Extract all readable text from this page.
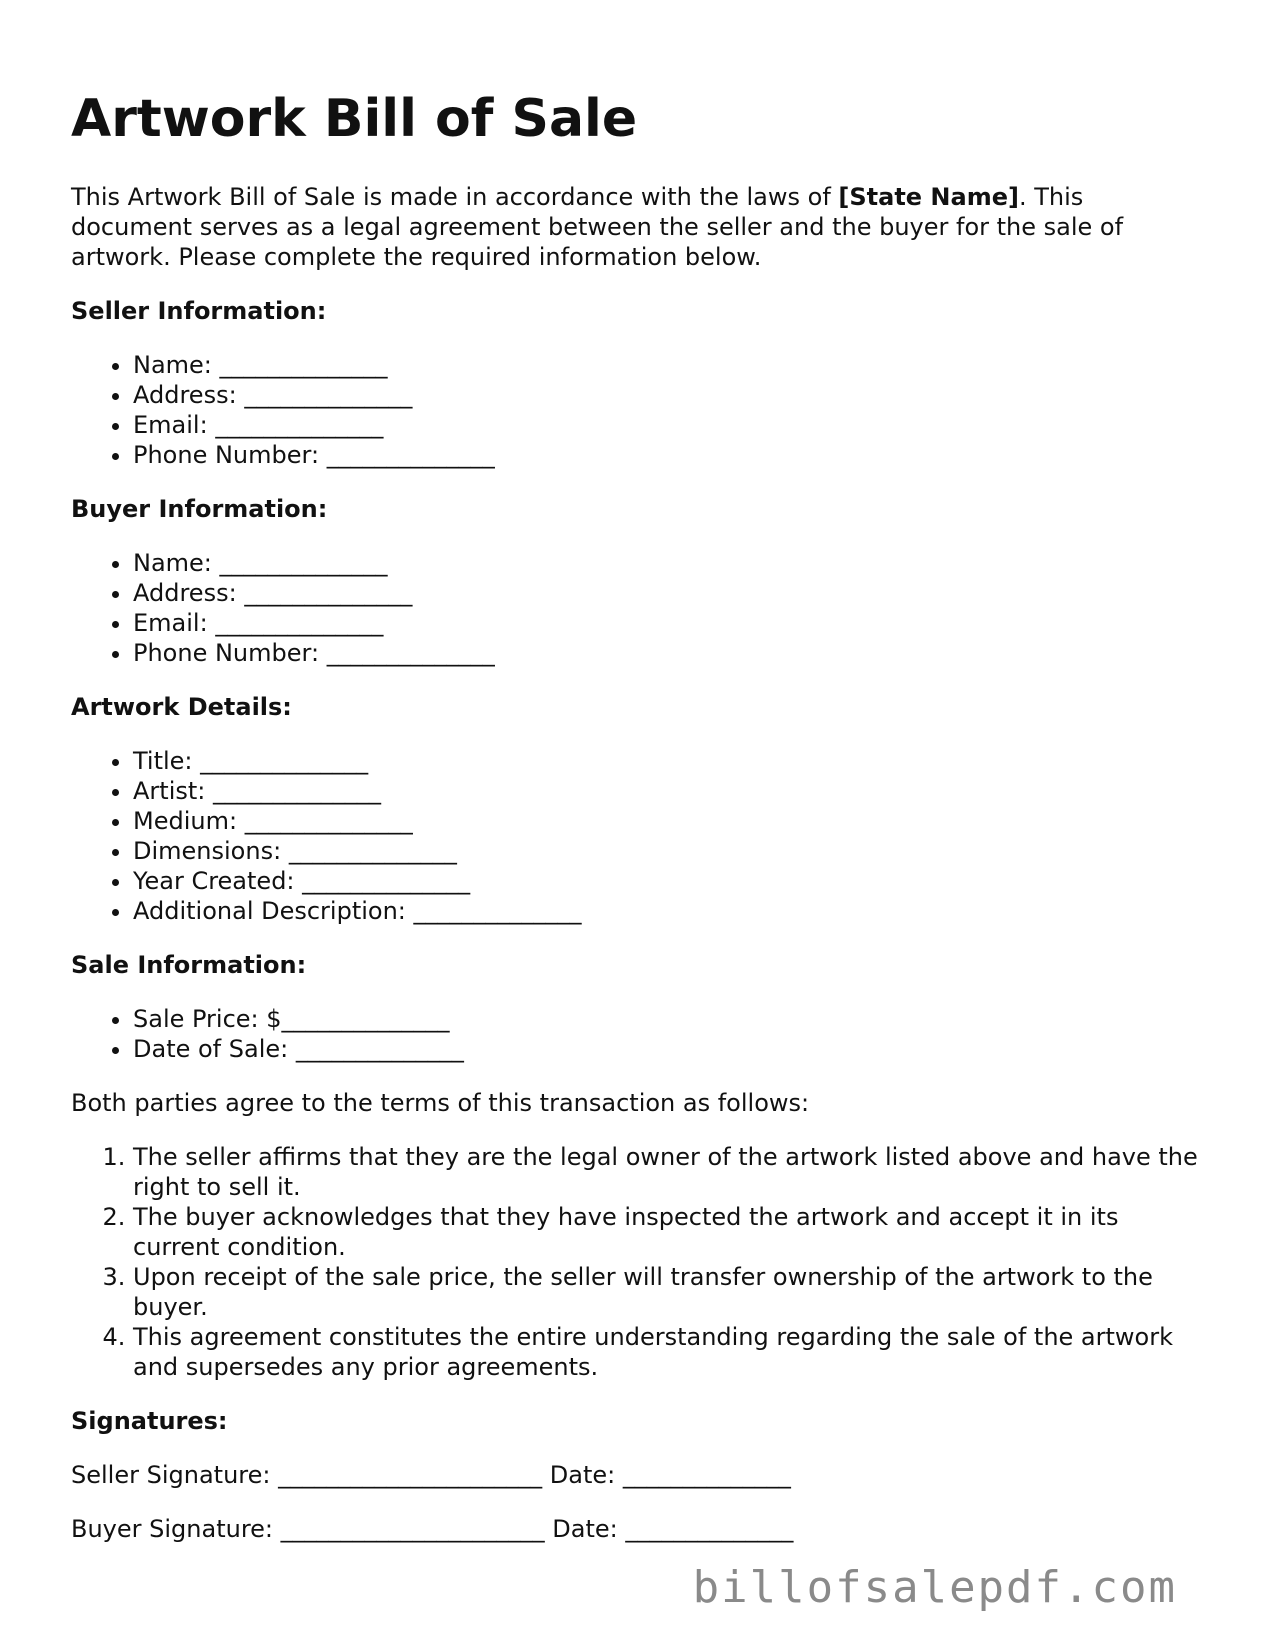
Artwork Bill of Sale

This Artwork Bill of Sale is made in accordance with the laws of [State Name]. This document serves as a legal agreement between the seller and the buyer for the sale of artwork. Please complete the required information below.

Seller Information:
• Name: ______________
• Address: ______________
• Email: ______________
• Phone Number: ______________
Buyer Information:
• Name: ______________
• Address: ______________
• Email: ______________
• Phone Number: ______________
Artwork Details:
• Title: ______________
• Artist: ______________
• Medium: ______________
• Dimensions: ______________
• Year Created: ______________
• Additional Description: ______________
Sale Information:
• Sale Price: $______________
• Date of Sale: ______________

Both parties agree to the terms of this transaction as follows:

1. The seller affirms that they are the legal owner of the artwork listed above and have the right to sell it.
2. The buyer acknowledges that they have inspected the artwork and accept it in its current condition.
3. Upon receipt of the sale price, the seller will transfer ownership of the artwork to the buyer.
4. This agreement constitutes the entire understanding regarding the sale of the artwork and supersedes any prior agreements.
Signatures:
Seller Signature: ______________________ Date: ______________
Buyer Signature: ______________________ Date: ______________
billofsalepdf.com
